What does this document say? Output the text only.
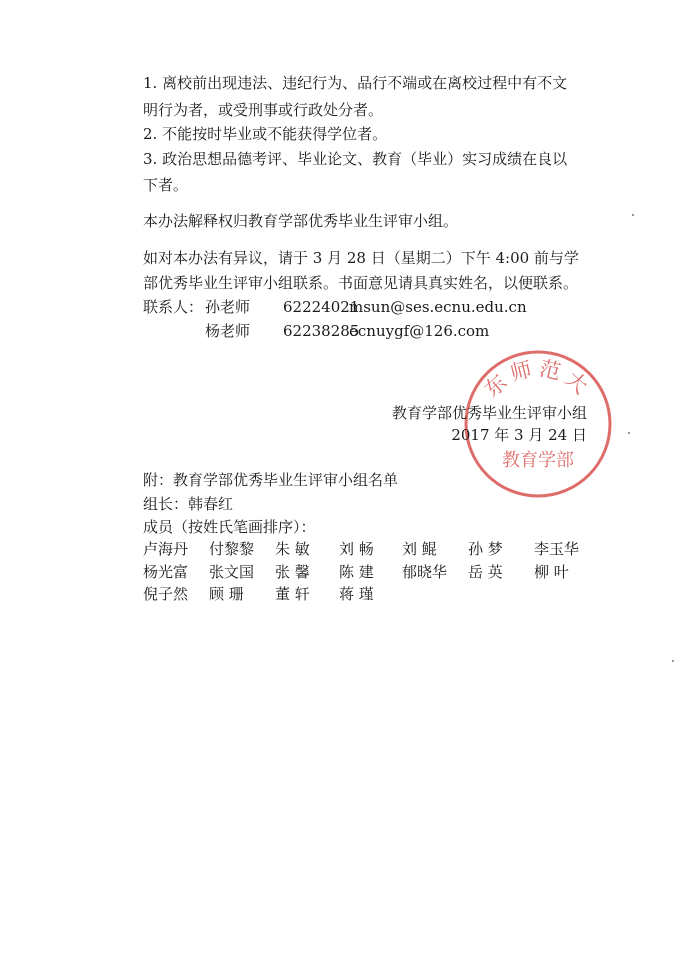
1. 离校前出现违法、违纪行为、品行不端或在离校过程中有不文
明行为者，或受刑事或行政处分者。
2. 不能按时毕业或不能获得学位者。
3. 政治思想品德考评、毕业论文、教育（毕业）实习成绩在良以
下者。
本办法解释权归教育学部优秀毕业生评审小组。
如对本办法有异议，请于 3 月 28 日（星期二）下午 4:00 前与学
部优秀毕业生评审小组联系。书面意见请具真实姓名，以便联系。
联系人： 孙老师 62224021
msun@ses.ecnu.edu.cn
杨老师 62238285
ecnuygf@126.com
东师范大
教育学部
教育学部优秀毕业生评审小组
2017 年 3 月 24 日
附：教育学部优秀毕业生评审小组名单
组长：韩春红
成员（按姓氏笔画排序）：
卢海丹 付黎黎 朱 敏 刘 畅 刘 鲲 孙 梦 李玉华
杨光富 张文国 张 馨 陈 建 郁晓华 岳 英 柳 叶
倪子然 顾 珊 董 轩 蒋 瑾
